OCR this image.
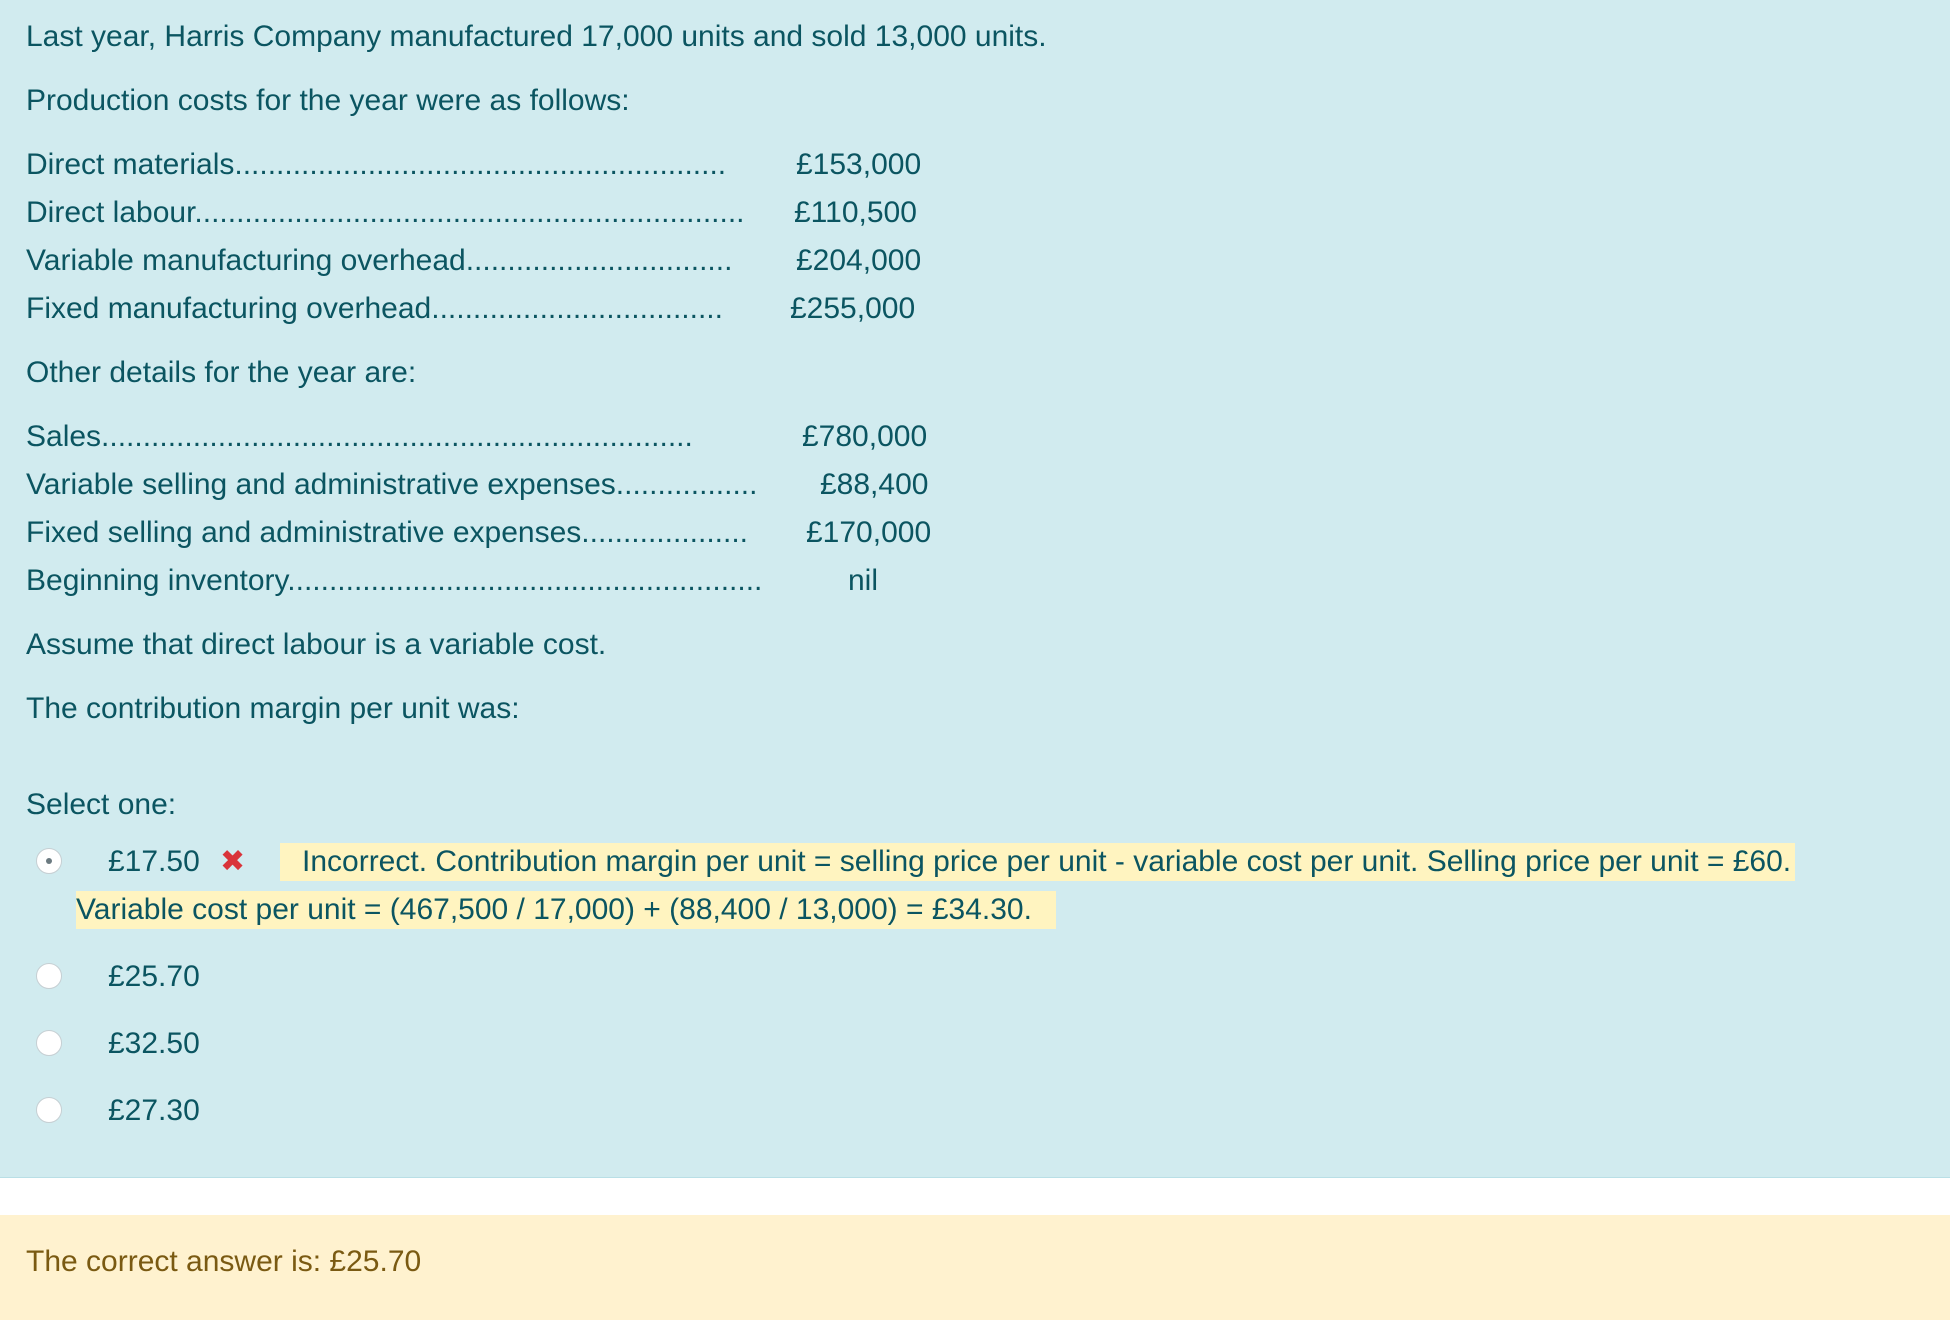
Last year, Harris Company manufactured 17,000 units and sold 13,000 units.
Production costs for the year were as follows:
Direct materials........................................................... £153,000
Direct labour.................................................................. £110,500
Variable manufacturing overhead................................ £204,000
Fixed manufacturing overhead................................... £255,000
Other details for the year are:
Sales.......................................................................	£780,000
Variable selling and administrative expenses................. £88,400
Fixed selling and administrative expenses.................... £170,000
Beginning inventory.........................................................	nil
Assume that direct labour is a variable cost.
The contribution margin per unit was:
Select one:
Incorrect. Contribution margin per unit = selling price per unit - variable cost per unit. Selling price per unit = £60.
Variable cost per unit = (467,500 / 17,000) + (88,400 / 13,000) = £34.30.
£17.50 ✖
£25.70
£32.50
£27.30
The correct answer is: £25.70
